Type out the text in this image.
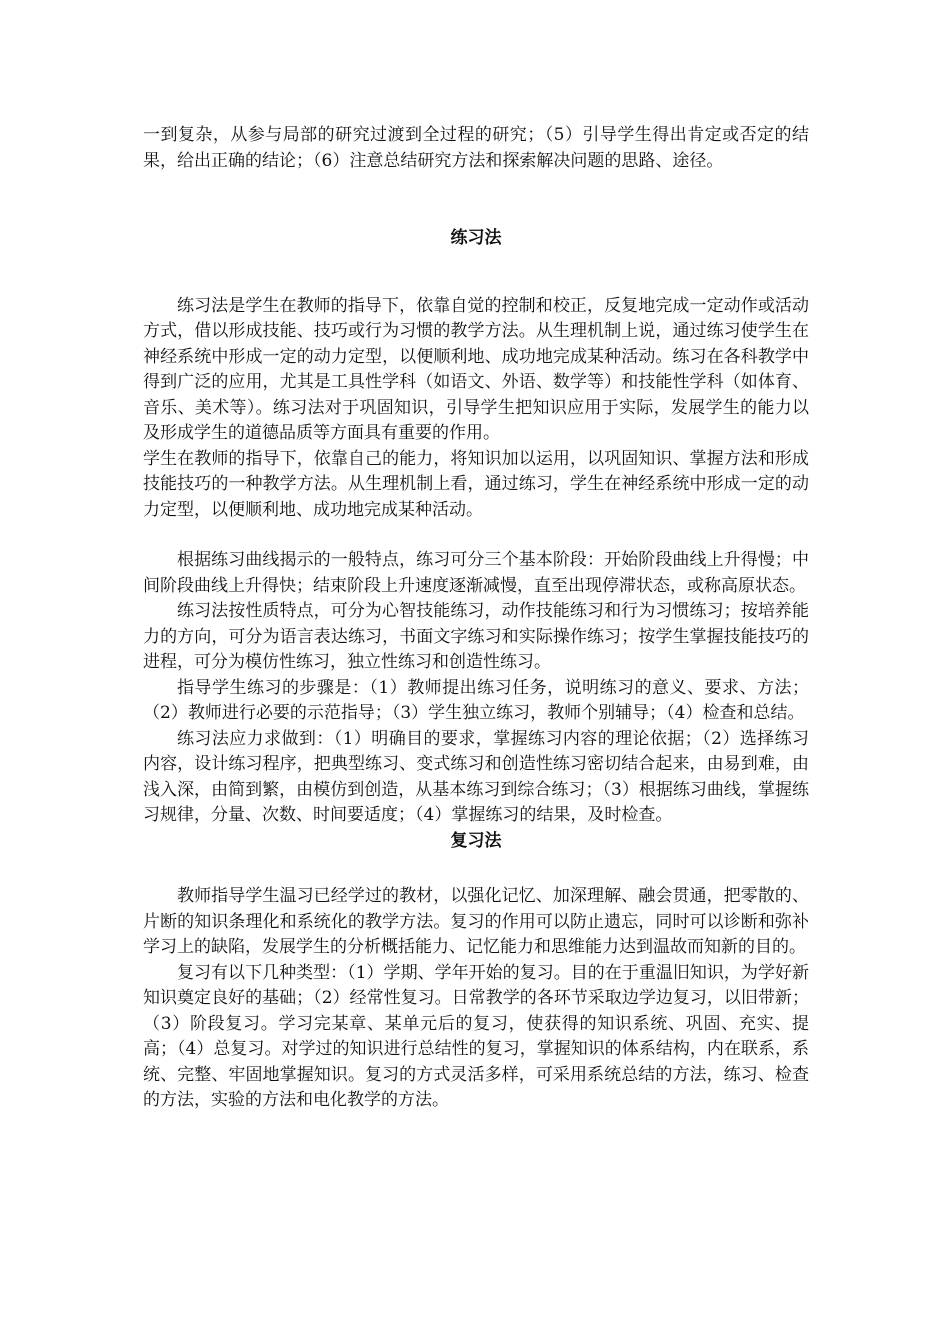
一到复杂，从参与局部的研究过渡到全过程的研究；（5）引导学生得出肯定或否定的结果，给出正确的结论；（6）注意总结研究方法和探索解决问题的思路、途径。

练习法

练习法是学生在教师的指导下，依靠自觉的控制和校正，反复地完成一定动作或活动方式，借以形成技能、技巧或行为习惯的教学方法。从生理机制上说，通过练习使学生在神经系统中形成一定的动力定型，以便顺利地、成功地完成某种活动。练习在各科教学中得到广泛的应用，尤其是工具性学科（如语文、外语、数学等）和技能性学科（如体育、音乐、美术等）。练习法对于巩固知识，引导学生把知识应用于实际，发展学生的能力以及形成学生的道德品质等方面具有重要的作用。

学生在教师的指导下，依靠自己的能力，将知识加以运用，以巩固知识、掌握方法和形成技能技巧的一种教学方法。从生理机制上看，通过练习，学生在神经系统中形成一定的动力定型，以便顺利地、成功地完成某种活动。

根据练习曲线揭示的一般特点，练习可分三个基本阶段：开始阶段曲线上升得慢；中间阶段曲线上升得快；结束阶段上升速度逐渐减慢，直至出现停滞状态，或称高原状态。

练习法按性质特点，可分为心智技能练习，动作技能练习和行为习惯练习；按培养能力的方向，可分为语言表达练习，书面文字练习和实际操作练习；按学生掌握技能技巧的进程，可分为模仿性练习，独立性练习和创造性练习。

指导学生练习的步骤是：（1）教师提出练习任务，说明练习的意义、要求、方法；（2）教师进行必要的示范指导；（3）学生独立练习，教师个别辅导；（4）检查和总结。

练习法应力求做到：（1）明确目的要求，掌握练习内容的理论依据；（2）选择练习内容，设计练习程序，把典型练习、变式练习和创造性练习密切结合起来，由易到难，由浅入深，由简到繁，由模仿到创造，从基本练习到综合练习；（3）根据练习曲线，掌握练习规律，分量、次数、时间要适度；（4）掌握练习的结果，及时检查。

复习法

教师指导学生温习已经学过的教材，以强化记忆、加深理解、融会贯通，把零散的、片断的知识条理化和系统化的教学方法。复习的作用可以防止遗忘，同时可以诊断和弥补学习上的缺陷，发展学生的分析概括能力、记忆能力和思维能力达到温故而知新的目的。

复习有以下几种类型：（1）学期、学年开始的复习。目的在于重温旧知识，为学好新知识奠定良好的基础；（2）经常性复习。日常教学的各环节采取边学边复习，以旧带新；（3）阶段复习。学习完某章、某单元后的复习，使获得的知识系统、巩固、充实、提高；（4）总复习。对学过的知识进行总结性的复习，掌握知识的体系结构，内在联系，系统、完整、牢固地掌握知识。复习的方式灵活多样，可采用系统总结的方法，练习、检查的方法，实验的方法和电化教学的方法。
